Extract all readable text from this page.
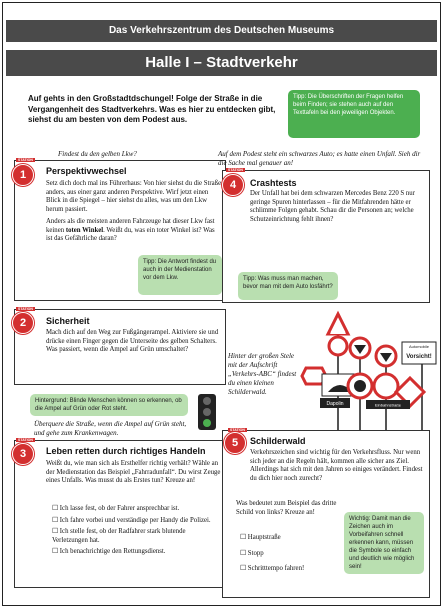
Das Verkehrszentrum des Deutschen Museums
Halle I – Stadtverkehr
Auf gehts in den Großstadtdschungel! Folge der Straße in die Vergangenheit des Stadtverkehrs. Was es hier zu entdecken gibt, siehst du am besten von dem Podest aus.
Tipp: Die Überschriften der Fragen helfen beim Finden; sie stehen auch auf den Texttafeln bei den jeweiligen Objekten.
Findest du den gelben Lkw?
1
STATION
Perspektivwechsel
Setz dich doch mal ins Führerhaus: Von hier siehst du die Straße anders, aus einer ganz anderen Perspektive. Wirf jetzt einen Blick in die Spiegel – hier siehst du alles, was um den Lkw herum passiert.
Anders als die meisten anderen Fahrzeuge hat dieser Lkw fast keinen toten Winkel. Weißt du, was ein toter Winkel ist? Was ist das Gefährliche daran?
Tipp: Die Antwort findest du auch in der Medienstation vor dem Lkw.
2
STATION
Sicherheit
Mach dich auf den Weg zur Fußgängerampel. Aktiviere sie und drücke einen Finger gegen die Unterseite des gelben Schalters. Was passiert, wenn die Ampel auf Grün umschaltet?
Hintergrund: Blinde Menschen können so erkennen, ob die Ampel auf Grün oder Rot steht.
Überquere die Straße, wenn die Ampel auf Grün steht, und gehe zum Krankenwagen.
3
STATION
Leben retten durch richtiges Handeln
Weißt du, wie man sich als Ersthelfer richtig verhält? Wähle an der Medienstation das Beispiel „Fahrradunfall“. Du wirst Zeuge eines Unfalls. Was musst du als Erstes tun? Kreuze an!
☐ Ich lasse fest, ob der Fahrer ansprechbar ist.
☐ Ich fahre vorbei und verständige per Handy die Polizei.
☐ Ich stelle fest, ob der Radfahrer stark blutende Verletzungen hat.
☐ Ich benachrichtige den Rettungsdienst.
Auf dem Podest steht ein schwarzes Auto; es hatte einen Unfall. Sieh dir die Sache mal genauer an!
4
STATION
Crashtests
Der Unfall hat bei dem schwarzen Mercedes Benz 220 S nur geringe Spuren hinterlassen – für die Mitfahrenden hätte er schlimme Folgen gehabt. Schau dir die Personen an; welche Schutzeinrichtung fehlt ihnen?
Tipp: Was muss man machen, bevor man mit dem Auto losfährt?
Automobile
Vorsicht!
Dapolin	Einbahnstraße
Hinter der großen Stele mit der Aufschrift „Verkehrs-ABC“ findest du einen kleinen Schilderwald.
5
STATION
Schilderwald
Verkehrszeichen sind wichtig für den Verkehrsfluss. Nur wenn sich jeder an die Regeln hält, kommen alle sicher ans Ziel. Allerdings hat sich mit den Jahren so einiges verändert. Findest du dich hier noch zurecht?
Was bedeutet zum Beispiel das dritte Schild von links? Kreuze an!
☐ Hauptstraße
☐ Stopp
☐ Schritttempo fahren!
Wichtig: Damit man die Zeichen auch im Vorbeifahren schnell erkennen kann, müssen die Symbole so einfach und deutlich wie möglich sein!
